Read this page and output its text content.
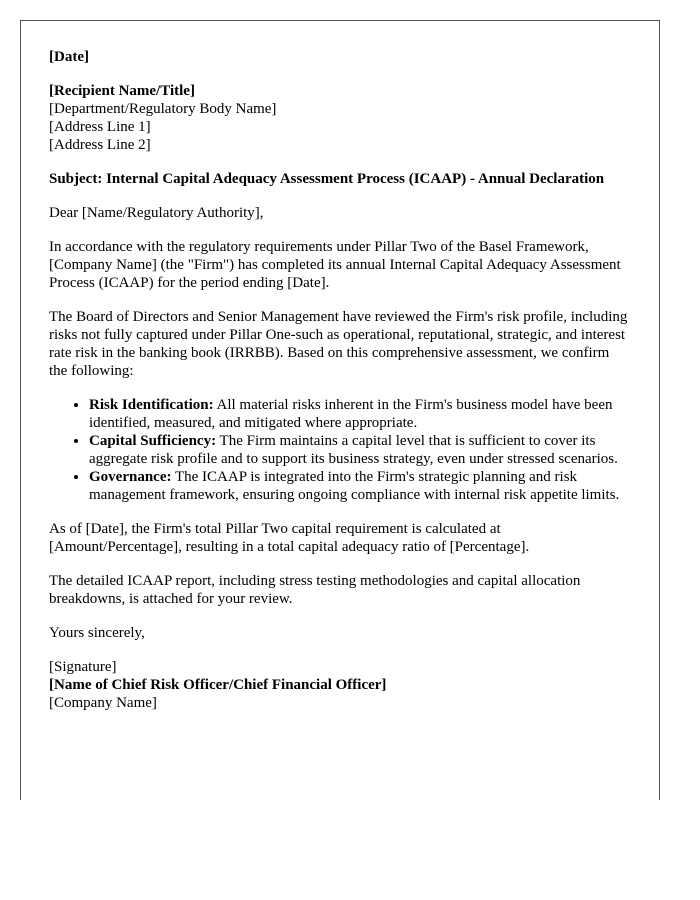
[Date]
[Recipient Name/Title]
[Department/Regulatory Body Name]
[Address Line 1]
[Address Line 2]

Subject: Internal Capital Adequacy Assessment Process (ICAAP) - Annual Declaration

Dear [Name/Regulatory Authority],

In accordance with the regulatory requirements under Pillar Two of the Basel Framework, [Company Name] (the "Firm") has completed its annual Internal Capital Adequacy Assessment Process (ICAAP) for the period ending [Date].

The Board of Directors and Senior Management have reviewed the Firm's risk profile, including risks not fully captured under Pillar One-such as operational, reputational, strategic, and interest rate risk in the banking book (IRRBB). Based on this comprehensive assessment, we confirm the following:

• Risk Identification: All material risks inherent in the Firm's business model have been identified, measured, and mitigated where appropriate.
• Capital Sufficiency: The Firm maintains a capital level that is sufficient to cover its aggregate risk profile and to support its business strategy, even under stressed scenarios.
• Governance: The ICAAP is integrated into the Firm's strategic planning and risk management framework, ensuring ongoing compliance with internal risk appetite limits.

As of [Date], the Firm's total Pillar Two capital requirement is calculated at [Amount/Percentage], resulting in a total capital adequacy ratio of [Percentage].

The detailed ICAAP report, including stress testing methodologies and capital allocation breakdowns, is attached for your review.

Yours sincerely,

[Signature]
[Name of Chief Risk Officer/Chief Financial Officer]
[Company Name]
